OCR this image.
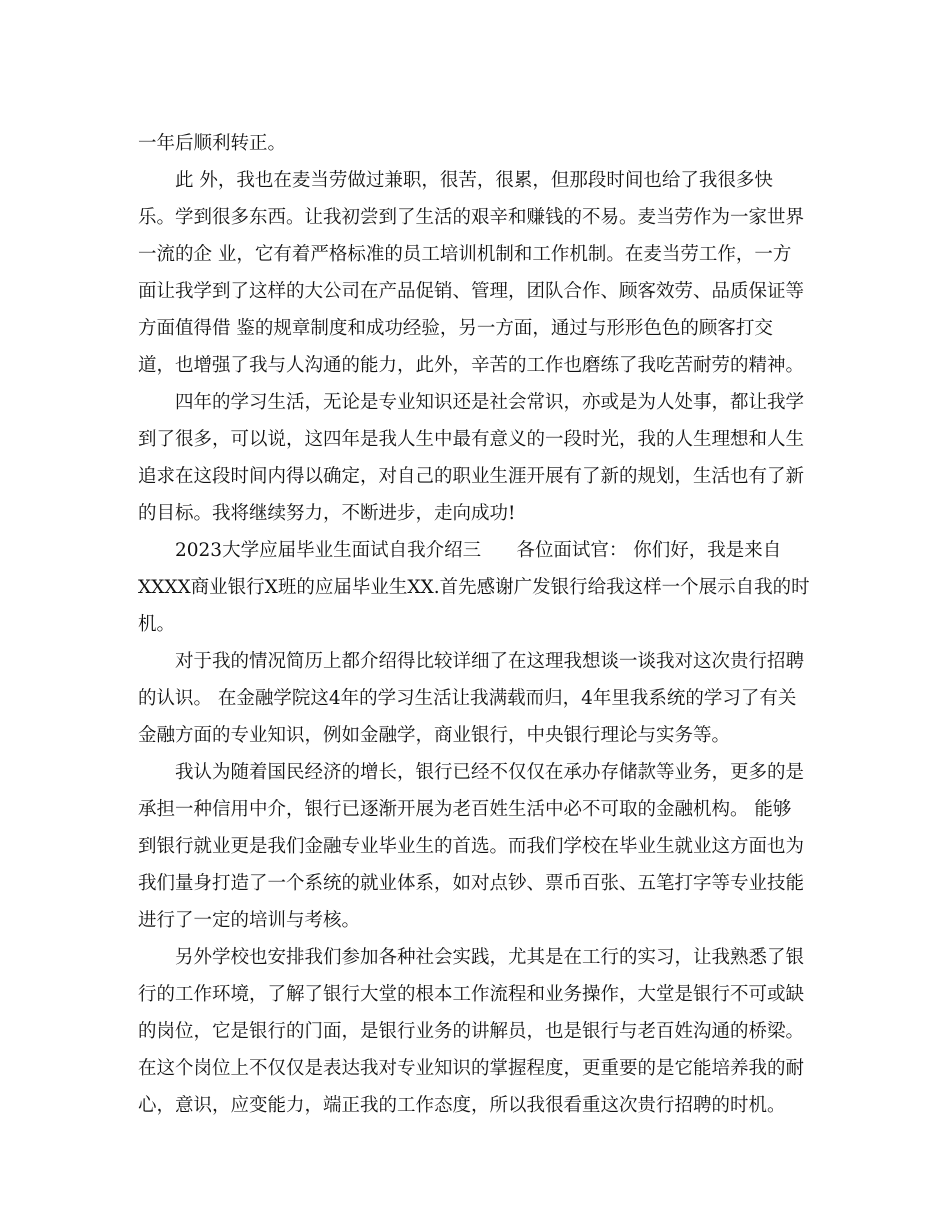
一年后顺利转正。
此 外，我也在麦当劳做过兼职，很苦，很累，但那段时间也给了我很多快
乐。学到很多东西。让我初尝到了生活的艰辛和赚钱的不易。麦当劳作为一家世界
一流的企 业，它有着严格标准的员工培训机制和工作机制。在麦当劳工作，一方
面让我学到了这样的大公司在产品促销、管理，团队合作、顾客效劳、品质保证等
方面值得借 鉴的规章制度和成功经验，另一方面，通过与形形色色的顾客打交
道，也增强了我与人沟通的能力，此外，辛苦的工作也磨练了我吃苦耐劳的精神。
四年的学习生活，无论是专业知识还是社会常识，亦或是为人处事，都让我学
到了很多，可以说，这四年是我人生中最有意义的一段时光，我的人生理想和人生
追求在这段时间内得以确定，对自己的职业生涯开展有了新的规划，生活也有了新
的目标。我将继续努力，不断进步，走向成功!
2023大学应届毕业生面试自我介绍三      各位面试官： 你们好，我是来自
XXXX商业银行X班的应届毕业生XX.首先感谢广发银行给我这样一个展示自我的时
机。
对于我的情况简历上都介绍得比较详细了在这理我想谈一谈我对这次贵行招聘
的认识。 在金融学院这4年的学习生活让我满载而归，4年里我系统的学习了有关
金融方面的专业知识，例如金融学，商业银行，中央银行理论与实务等。
我认为随着国民经济的增长，银行已经不仅仅在承办存储款等业务，更多的是
承担一种信用中介，银行已逐渐开展为老百姓生活中必不可取的金融机构。 能够
到银行就业更是我们金融专业毕业生的首选。而我们学校在毕业生就业这方面也为
我们量身打造了一个系统的就业体系，如对点钞、票币百张、五笔打字等专业技能
进行了一定的培训与考核。
另外学校也安排我们参加各种社会实践，尤其是在工行的实习，让我熟悉了银
行的工作环境，了解了银行大堂的根本工作流程和业务操作，大堂是银行不可或缺
的岗位，它是银行的门面，是银行业务的讲解员，也是银行与老百姓沟通的桥梁。
在这个岗位上不仅仅是表达我对专业知识的掌握程度，更重要的是它能培养我的耐
心，意识，应变能力，端正我的工作态度，所以我很看重这次贵行招聘的时机。
